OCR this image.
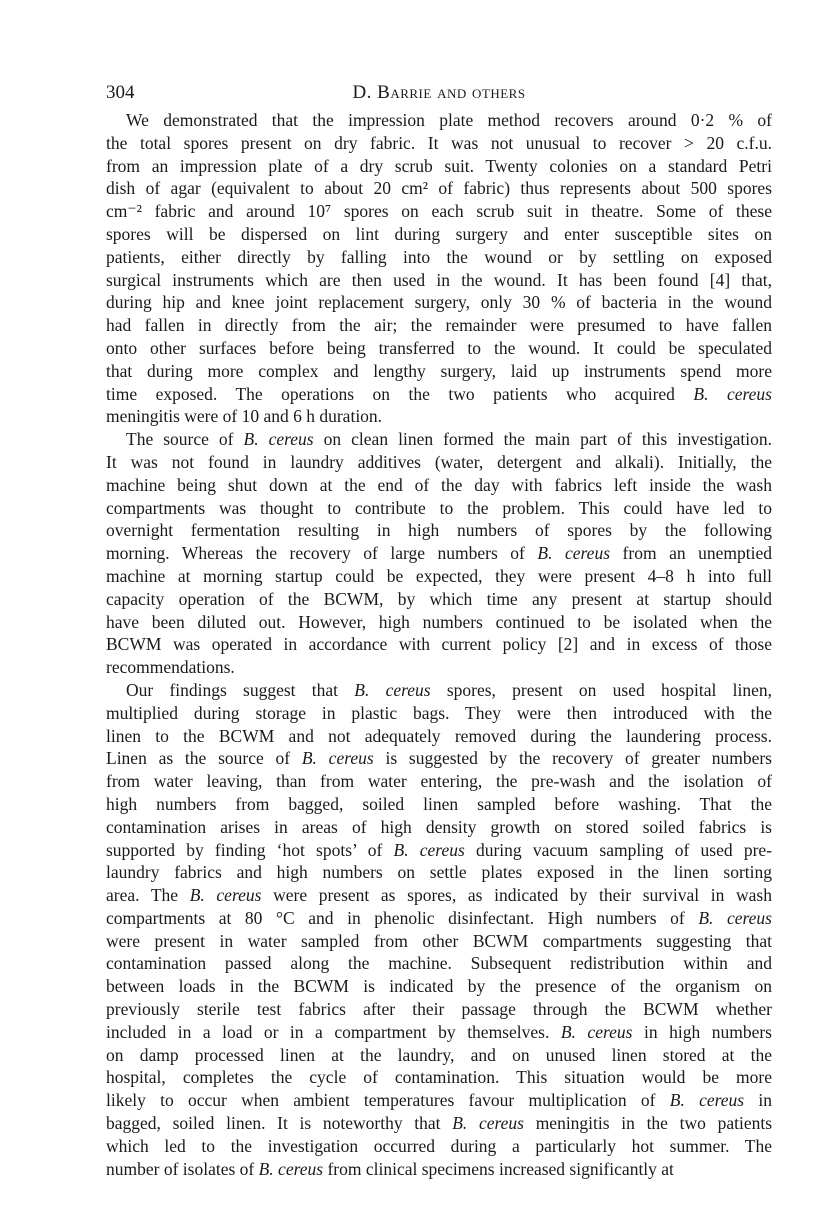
304	D. Barrie and others

We demonstrated that the impression plate method recovers around 0·2 % of
the total spores present on dry fabric. It was not unusual to recover > 20 c.f.u.
from an impression plate of a dry scrub suit. Twenty colonies on a standard Petri
dish of agar (equivalent to about 20 cm² of fabric) thus represents about 500 spores
cm⁻² fabric and around 10⁷ spores on each scrub suit in theatre. Some of these
spores will be dispersed on lint during surgery and enter susceptible sites on
patients, either directly by falling into the wound or by settling on exposed
surgical instruments which are then used in the wound. It has been found [4] that,
during hip and knee joint replacement surgery, only 30 % of bacteria in the wound
had fallen in directly from the air; the remainder were presumed to have fallen
onto other surfaces before being transferred to the wound. It could be speculated
that during more complex and lengthy surgery, laid up instruments spend more
time exposed. The operations on the two patients who acquired B. cereus
meningitis were of 10 and 6 h duration.

The source of B. cereus on clean linen formed the main part of this investigation.
It was not found in laundry additives (water, detergent and alkali). Initially, the
machine being shut down at the end of the day with fabrics left inside the wash
compartments was thought to contribute to the problem. This could have led to
overnight fermentation resulting in high numbers of spores by the following
morning. Whereas the recovery of large numbers of B. cereus from an unemptied
machine at morning startup could be expected, they were present 4–8 h into full
capacity operation of the BCWM, by which time any present at startup should
have been diluted out. However, high numbers continued to be isolated when the
BCWM was operated in accordance with current policy [2] and in excess of those
recommendations.

Our findings suggest that B. cereus spores, present on used hospital linen,
multiplied during storage in plastic bags. They were then introduced with the
linen to the BCWM and not adequately removed during the laundering process.
Linen as the source of B. cereus is suggested by the recovery of greater numbers
from water leaving, than from water entering, the pre-wash and the isolation of
high numbers from bagged, soiled linen sampled before washing. That the
contamination arises in areas of high density growth on stored soiled fabrics is
supported by finding ‘hot spots’ of B. cereus during vacuum sampling of used pre-
laundry fabrics and high numbers on settle plates exposed in the linen sorting
area. The B. cereus were present as spores, as indicated by their survival in wash
compartments at 80 °C and in phenolic disinfectant. High numbers of B. cereus
were present in water sampled from other BCWM compartments suggesting that
contamination passed along the machine. Subsequent redistribution within and
between loads in the BCWM is indicated by the presence of the organism on
previously sterile test fabrics after their passage through the BCWM whether
included in a load or in a compartment by themselves. B. cereus in high numbers
on damp processed linen at the laundry, and on unused linen stored at the
hospital, completes the cycle of contamination. This situation would be more
likely to occur when ambient temperatures favour multiplication of B. cereus in
bagged, soiled linen. It is noteworthy that B. cereus meningitis in the two patients
which led to the investigation occurred during a particularly hot summer. The
number of isolates of B. cereus from clinical specimens increased significantly at
